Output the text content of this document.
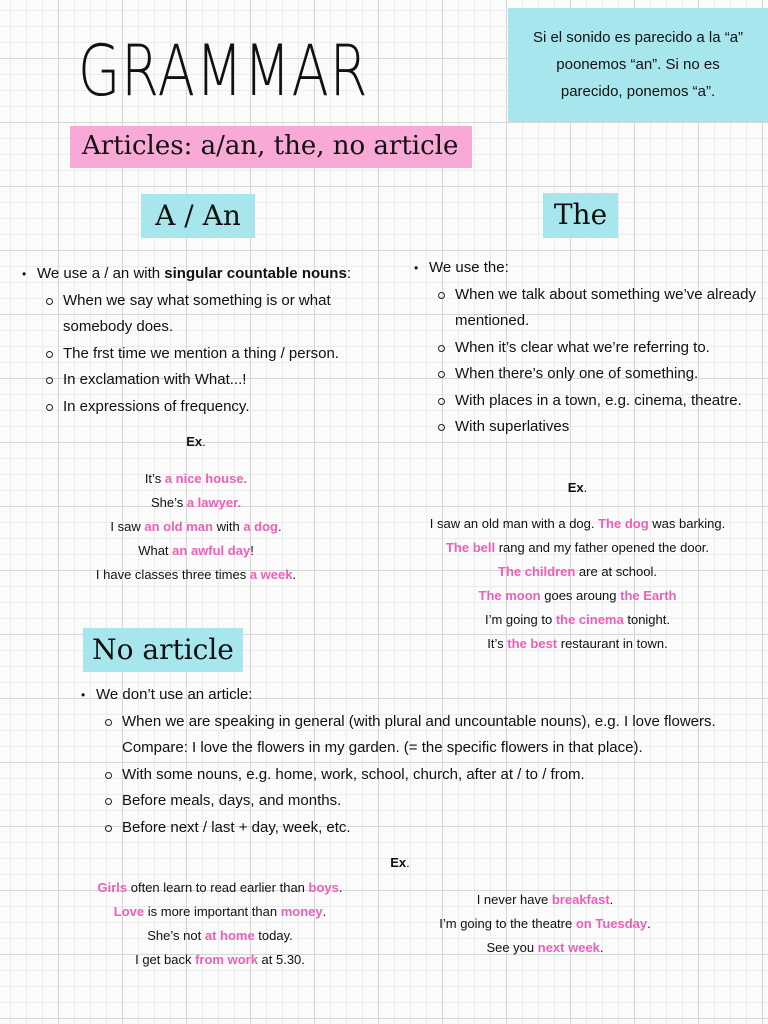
GRAMMAR	Si el sonido es parecido a la “a” poonemos “an”. Si no es parecido, ponemos “a”.
Articles: a/an, the, no article
A / An
• We use a / an with singular countable nouns:
When we say what something is or what somebody does.
The frst time we mention a thing / person.
In exclamation with What...!
In expressions of frequency.
Ex.
It’s a nice house.
She’s a lawyer.
I saw an old man with a dog.
What an awful day!
I have classes three times a week.
The
• We use the:
When we talk about something we’ve already mentioned.
When it’s clear what we’re referring to.
When there’s only one of something.
With places in a town, e.g. cinema, theatre.
With superlatives
Ex.
I saw an old man with a dog. The dog was barking.
The bell rang and my father opened the door.
The children are at school.
The moon goes aroung the Earth
I’m going to the cinema tonight.
It’s the best restaurant in town.
No article
• We don’t use an article:
When we are speaking in general (with plural and uncountable nouns), e.g. I love flowers. Compare: I love the flowers in my garden. (= the specific flowers in that place).
With some nouns, e.g. home, work, school, church, after at / to / from.
Before meals, days, and months.
Before next / last + day, week, etc.
Ex.
Girls often learn to read earlier than boys.
Love is more important than money.
She’s not at home today.
I get back from work at 5.30.
I never have breakfast.
I’m going to the theatre on Tuesday.
See you next week.
